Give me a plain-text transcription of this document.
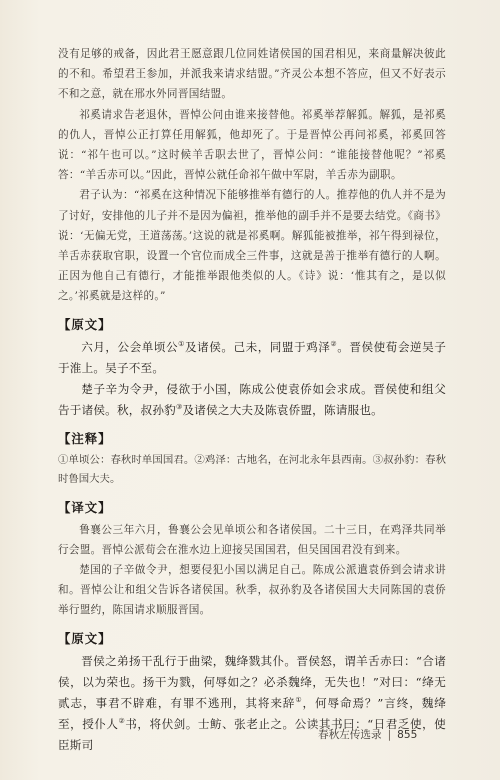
没有足够的戒备，因此君王愿意跟几位同姓诸侯国的国君相见，来商量解决彼此的不和。希望君王参加，并派我来请求结盟。”齐灵公本想不答应，但又不好表示不和之意，就在邢水外同晋国结盟。

祁奚请求告老退休，晋悼公问由谁来接替他。祁奚举荐解狐。解狐，是祁奚的仇人，晋悼公正打算任用解狐，他却死了。于是晋悼公再问祁奚，祁奚回答说：“祁午也可以。”这时候羊舌职去世了，晋悼公问：“谁能接替他呢？”祁奚答：“羊舌赤可以。”因此，晋悼公就任命祁午做中军尉，羊舌赤为副职。

君子认为：“祁奚在这种情况下能够推举有德行的人。推荐他的仇人并不是为了讨好，安排他的儿子并不是因为偏袒，推举他的副手并不是要去结党。《商书》说：‘无偏无党，王道荡荡。’这说的就是祁奚啊。解狐能被推举，祁午得到禄位，羊舌赤获取官职，设置一个官位而成全三件事，这就是善于推举有德行的人啊。正因为他自己有德行，才能推举跟他类似的人。《诗》说：‘惟其有之，是以似之。’祁奚就是这样的。”

【原文】

六月，公会单顷公①及诸侯。己未，同盟于鸡泽②。晋侯使荀会逆吴子于淮上。吴子不至。

楚子辛为令尹，侵欲于小国，陈成公使袁侨如会求成。晋侯使和组父告于诸侯。秋，叔孙豹③及诸侯之大夫及陈袁侨盟，陈请服也。

【注释】

①单顷公：春秋时单国国君。②鸡泽：古地名，在河北永年县西南。③叔孙豹：春秋时鲁国大夫。

【译文】

鲁襄公三年六月，鲁襄公会见单顷公和各诸侯国。二十三日，在鸡泽共同举行会盟。晋悼公派荀会在淮水边上迎接吴国国君，但吴国国君没有到来。

楚国的子辛做令尹，想要侵犯小国以满足自己。陈成公派遣袁侨到会请求讲和。晋悼公让和组父告诉各诸侯国。秋季，叔孙豹及各诸侯国大夫同陈国的袁侨举行盟约，陈国请求顺服晋国。

【原文】

晋侯之弟扬干乱行于曲梁，魏绛戮其仆。晋侯怒，谓羊舌赤曰：“合诸侯，以为荣也。扬干为戮，何辱如之？必杀魏绛，无失也！”对曰：“绛无贰志，事君不辟难，有罪不逃刑，其将来辞①，何辱命焉？”言终，魏绛至，授仆人②书，将伏剑。士鲂、张老止之。公读其书曰：“日君乏使，使臣斯司

春秋左传选录 | 855
